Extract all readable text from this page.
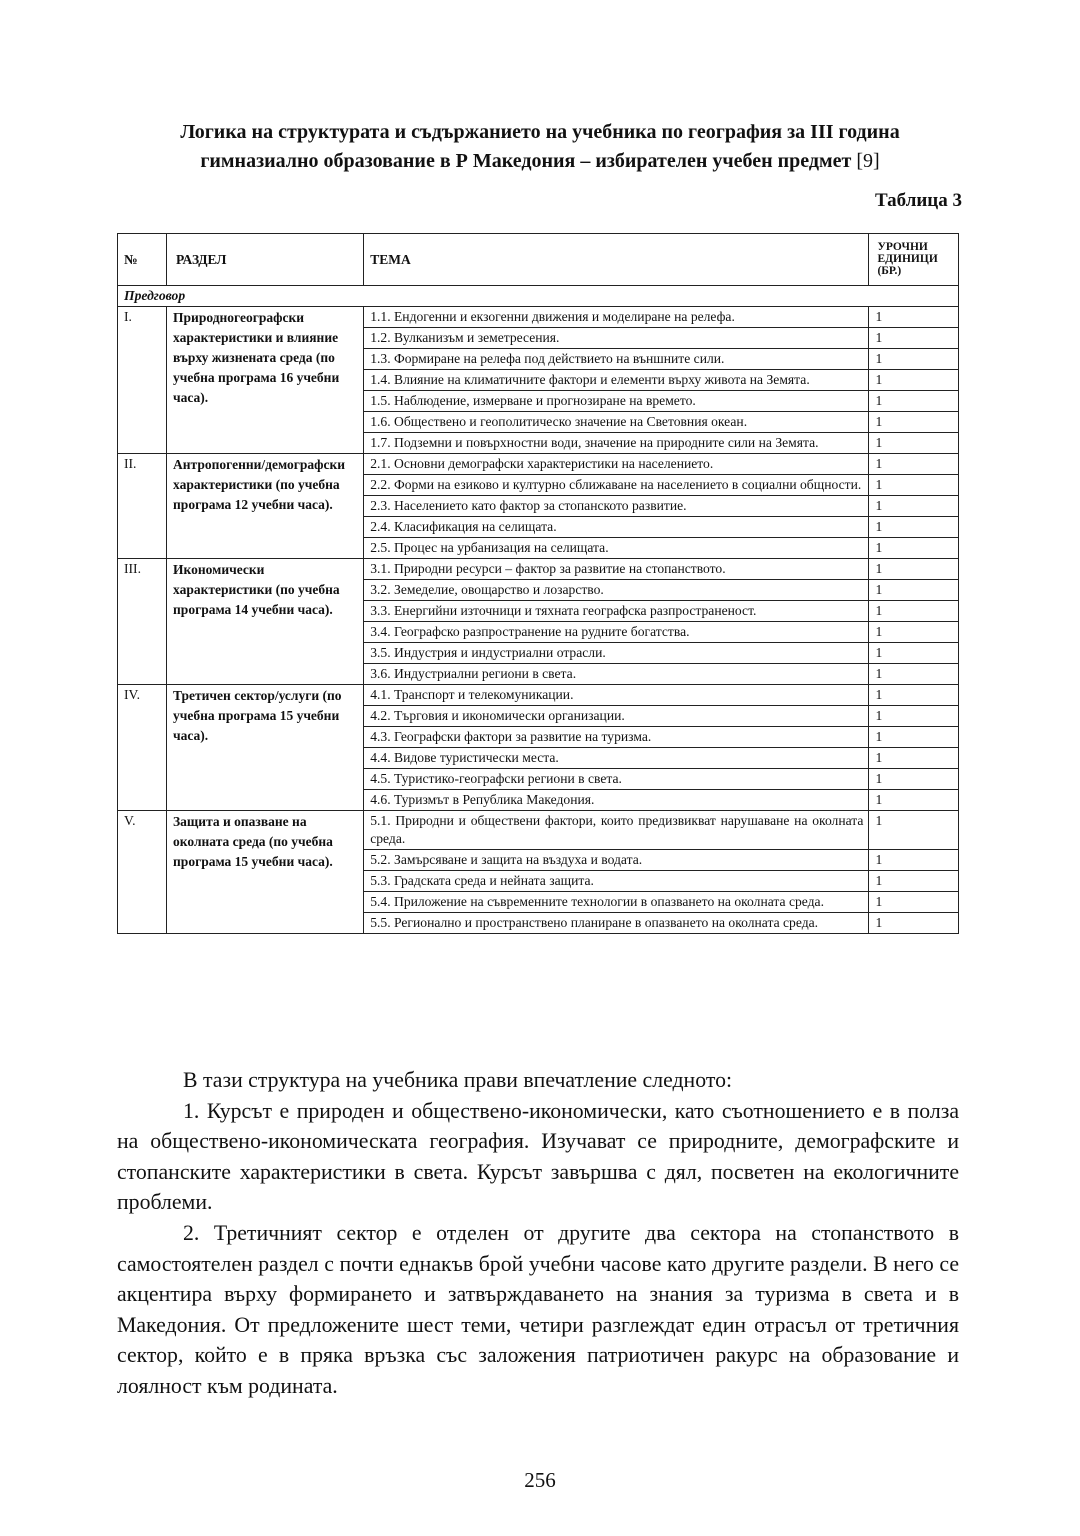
Логика на структурата и съдържанието на учебника по география за III година
гимназиално образование в Р Македония – избирателен учебен предмет [9]
Таблица 3
№	РАЗДЕЛ	ТЕМА	УРОЧНИ ЕДИНИЦИ (БР.)
Предговор			
I.	Природногеографски характеристики и влияние върху жизнената среда (по учебна програма 16 учебни часа).	1.1. Ендогенни и екзогенни движения и моделиране на релефа.	1
		1.2. Вулканизъм и земетресения.	1
		1.3. Формиране на релефа под действието на външните сили.	1
		1.4. Влияние на климатичните фактори и елементи върху живота на Земята.	1
		1.5. Наблюдение, измерване и прогнозиране на времето.	1
		1.6. Обществено и геополитическо значение на Световния океан.	1
		1.7. Подземни и повърхностни води, значение на природните сили на Земята.	1
II.	Антропогенни/демографски характеристики (по учебна програма 12 учебни часа).	2.1. Основни демографски характеристики на населението.	1
		2.2. Форми на езиково и културно сближаване на населението в социални общности.	1
		2.3. Населението като фактор за стопанското развитие.	1
		2.4. Класификация на селищата.	1
		2.5. Процес на урбанизация на селищата.	1
III.	Икономически характеристики (по учебна програма 14 учебни часа).	3.1. Природни ресурси – фактор за развитие на стопанството.	1
		3.2. Земеделие, овощарство и лозарство.	1
		3.3. Енергийни източници и тяхната географска разпространеност.	1
		3.4. Географско разпространение на рудните богатства.	1
		3.5. Индустрия и индустриални отрасли.	1
		3.6. Индустриални региони в света.	1
IV.	Третичен сектор/услуги (по учебна програма 15 учебни часа).	4.1. Транспорт и телекомуникации.	1
		4.2. Търговия и икономически организации.	1
		4.3. Географски фактори за развитие на туризма.	1
		4.4. Видове туристически места.	1
		4.5. Туристико-географски региони в света.	1
		4.6. Туризмът в Република Македония.	1
V.	Защита и опазване на околната среда (по учебна програма 15 учебни часа).	5.1. Природни и обществени фактори, които предизвикват нарушаване на околната среда.	1
		5.2. Замърсяване и защита на въздуха и водата.	1
		5.3. Градската среда и нейната защита.	1
		5.4. Приложение на съвременните технологии в опазването на околната среда.	1
		5.5. Регионално и пространствено планиране в опазването на околната среда.	1

В тази структура на учебника прави впечатление следното:

1. Курсът е природен и обществено-икономически, като съотношението е в полза на обществено-икономическата география. Изучават се природните, демографските и стопанските характеристики в света. Курсът завършва с дял, посветен на екологичните проблеми.

2. Третичният сектор е отделен от другите два сектора на стопанството в самостоятелен раздел с почти еднакъв брой учебни часове като другите раздели. В него се акцентира върху формирането и затвърждаването на знания за туризма в света и в Македония. От предложените шест теми, четири разглеждат един отрасъл от третичния сектор, който е в пряка връзка със заложения патриотичен ракурс на образование и лоялност към родината.

256
